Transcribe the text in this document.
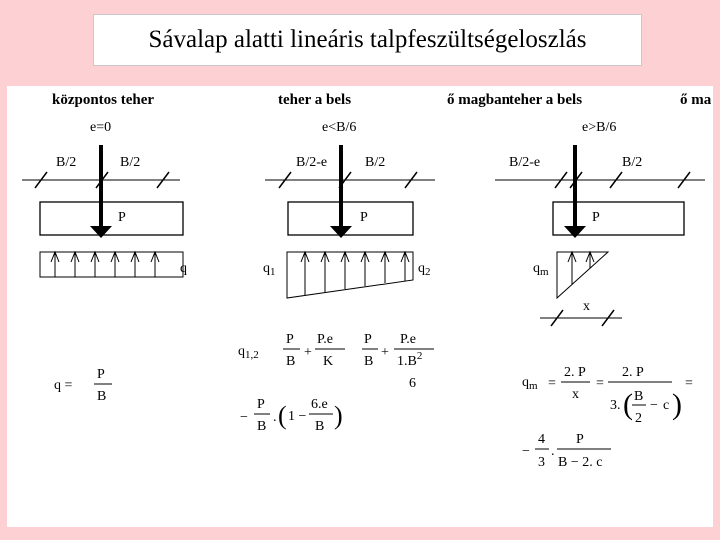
Sávalap alatti lineáris talpfeszültségeloszlás
központos teher	teher a bels	ő magban teher a bels	ő ma
e=0
B/2	B/2
P
q
q =
P
B
e<B/6
B/2-e	B/2
P
$q_1$	$q_2$
$q_{1,2}$
P
B
+
P.e
K
P
B
+
P.e
$1.B^2$
6
−
P
B
. ( 1 −
6.e
B )
e>B/6
B/2-e	B/2
P
$q_m$
x
$q_m$ =
2. P
x
=
2. P
3. ( B
2
− c )
=
−
4
3
.
P
B − 2. c
